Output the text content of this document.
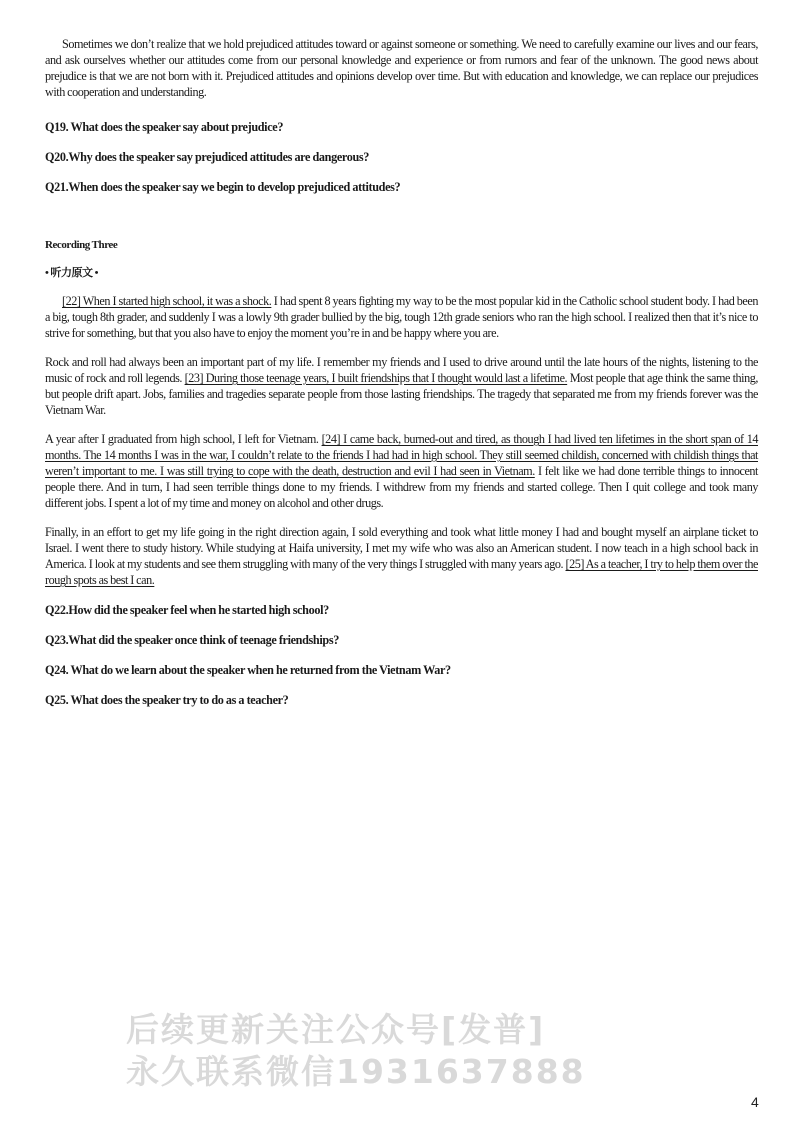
Sometimes we don’t realize that we hold prejudiced attitudes toward or against someone or something. We need to carefully examine our lives and our fears, and ask ourselves whether our attitudes come from our personal knowledge and experience or from rumors and fear of the unknown. The good news about prejudice is that we are not born with it. Prejudiced attitudes and opinions develop over time. But with education and knowledge, we can replace our prejudices with cooperation and understanding.

Q19. What does the speaker say about prejudice?

Q20.Why does the speaker say prejudiced attitudes are dangerous?

Q21.When does the speaker say we begin to develop prejudiced attitudes?

Recording Three

• 听力原文 •

[22] When I started high school, it was a shock. I had spent 8 years fighting my way to be the most popular kid in the Catholic school student body. I had been a big, tough 8th grader, and suddenly I was a lowly 9th grader bullied by the big, tough 12th grade seniors who ran the high school. I realized then that it’s nice to strive for something, but that you also have to enjoy the moment you’re in and be happy where you are.

Rock and roll had always been an important part of my life. I remember my friends and I used to drive around until the late hours of the nights, listening to the music of rock and roll legends. [23] During those teenage years, I built friendships that I thought would last a lifetime. Most people that age think the same thing, but people drift apart. Jobs, families and tragedies separate people from those lasting friendships. The tragedy that separated me from my friends forever was the Vietnam War.

A year after I graduated from high school, I left for Vietnam. [24] I came back, burned-out and tired, as though I had lived ten lifetimes in the short span of 14 months. The 14 months I was in the war, I couldn’t relate to the friends I had had in high school. They still seemed childish, concerned with childish things that weren’t important to me. I was still trying to cope with the death, destruction and evil I had seen in Vietnam. I felt like we had done terrible things to innocent people there. And in turn, I had seen terrible things done to my friends. I withdrew from my friends and started college. Then I quit college and took many different jobs. I spent a lot of my time and money on alcohol and other drugs.

Finally, in an effort to get my life going in the right direction again, I sold everything and took what little money I had and bought myself an airplane ticket to Israel. I went there to study history. While studying at Haifa university, I met my wife who was also an American student. I now teach in a high school back in America. I look at my students and see them struggling with many of the very things I struggled with many years ago. [25] As a teacher, I try to help them over the rough spots as best I can.

Q22.How did the speaker feel when he started high school?

Q23.What did the speaker once think of teenage friendships?

Q24. What do we learn about the speaker when he returned from the Vietnam War?

Q25. What does the speaker try to do as a teacher?

后续更新关注公众号[发普]
永久联系微信1931637888
4
